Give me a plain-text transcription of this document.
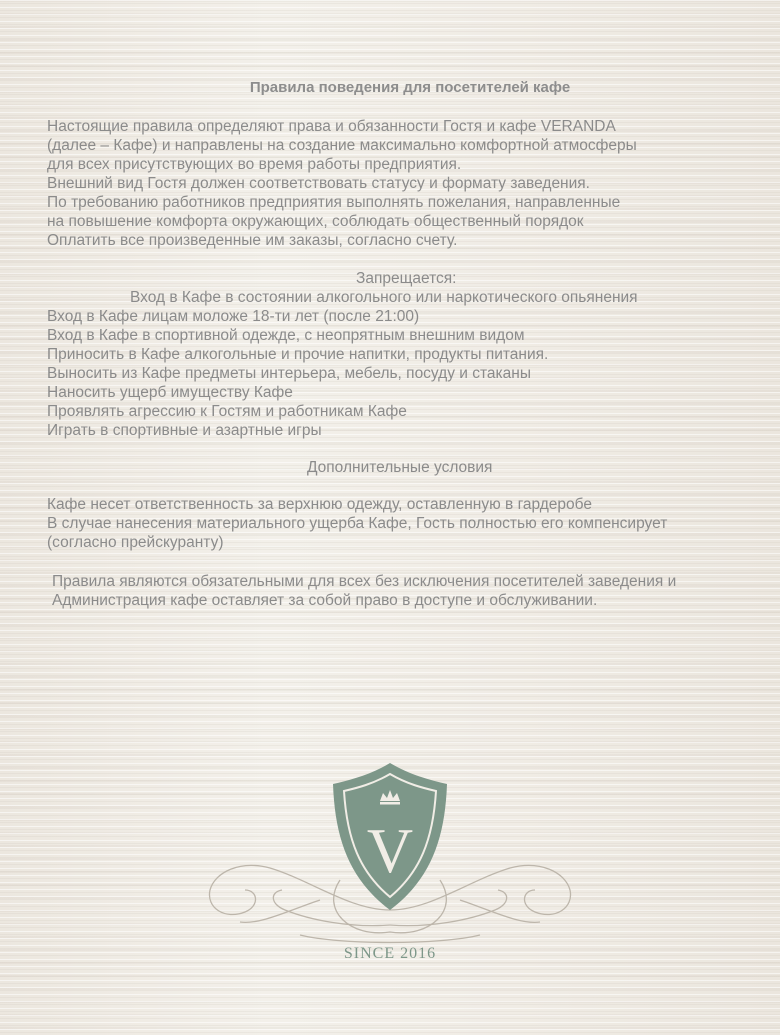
Правила поведения для посетителей кафе
Настоящие правила определяют права и обязанности Гостя и кафе VERANDA
(далее – Кафе) и направлены на создание максимально комфортной атмосферы
для всех присутствующих во время работы предприятия.
Внешний вид Гостя должен соответствовать статусу и формату заведения.
По требованию работников предприятия выполнять пожелания, направленные
на повышение комфорта окружающих, соблюдать общественный порядок
Оплатить все произведенные им заказы, согласно счету.
Запрещается:
Вход в Кафе в состоянии алкогольного или наркотического опьянения
Вход в Кафе лицам моложе 18-ти лет (после 21:00)
Вход в Кафе в спортивной одежде, с неопрятным внешним видом
Приносить в Кафе алкогольные и прочие напитки, продукты питания.
Выносить из Кафе предметы интерьера, мебель, посуду и стаканы
Наносить ущерб имуществу Кафе
Проявлять агрессию к Гостям и работникам Кафе
Играть в спортивные и азартные игры
Дополнительные условия
Кафе несет ответственность за верхнюю одежду, оставленную в гардеробе
В случае нанесения материального ущерба Кафе, Гость полностью его компенсирует
(согласно прейскуранту)
Правила являются обязательными для всех без исключения посетителей заведения и
Администрация кафе оставляет за собой право в доступе и обслуживании.
V
SINCE 2016
